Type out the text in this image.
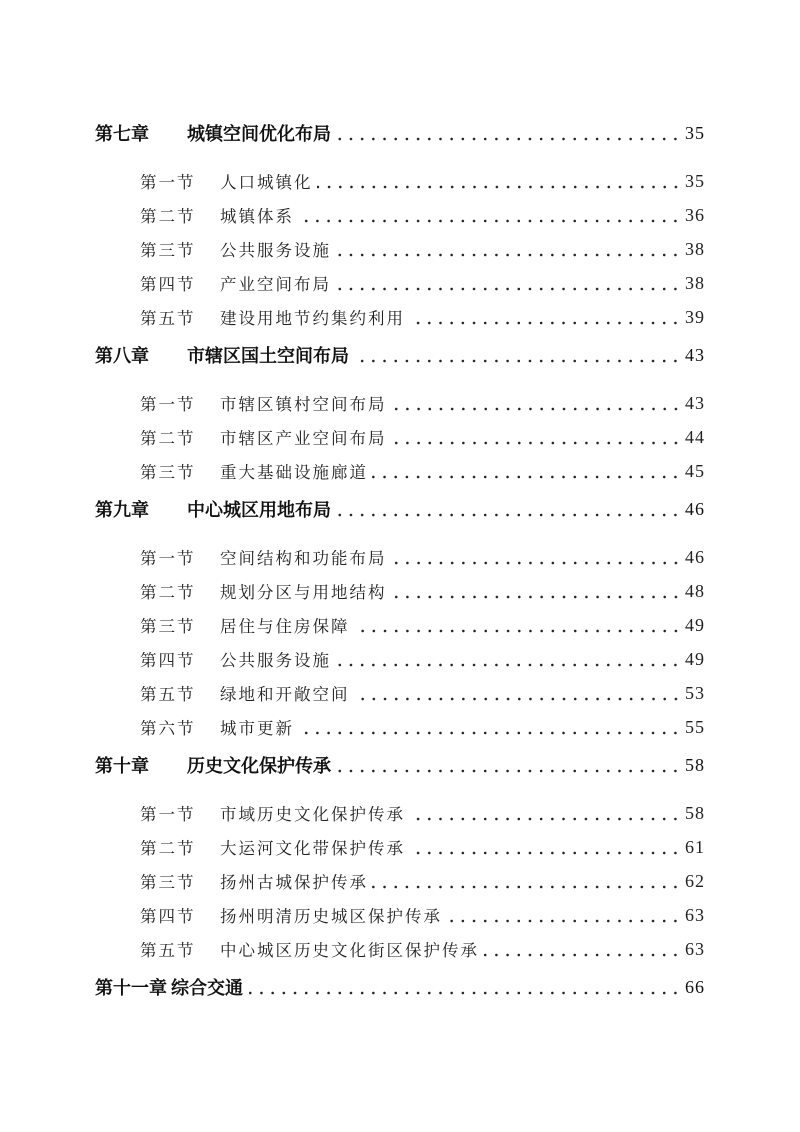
第七章	城镇空间优化布局	35
第一节	人口城镇化	35
第二节	城镇体系	36
第三节	公共服务设施	38
第四节	产业空间布局	38
第五节	建设用地节约集约利用	39
第八章	市辖区国土空间布局	43
第一节	市辖区镇村空间布局	43
第二节	市辖区产业空间布局	44
第三节	重大基础设施廊道	45
第九章	中心城区用地布局	46
第一节	空间结构和功能布局	46
第二节	规划分区与用地结构	48
第三节	居住与住房保障	49
第四节	公共服务设施	49
第五节	绿地和开敞空间	53
第六节	城市更新	55
第十章	历史文化保护传承	58
第一节	市域历史文化保护传承	58
第二节	大运河文化带保护传承	61
第三节	扬州古城保护传承	62
第四节	扬州明清历史城区保护传承	63
第五节	中心城区历史文化街区保护传承	63
第十一章 综合交通	66
